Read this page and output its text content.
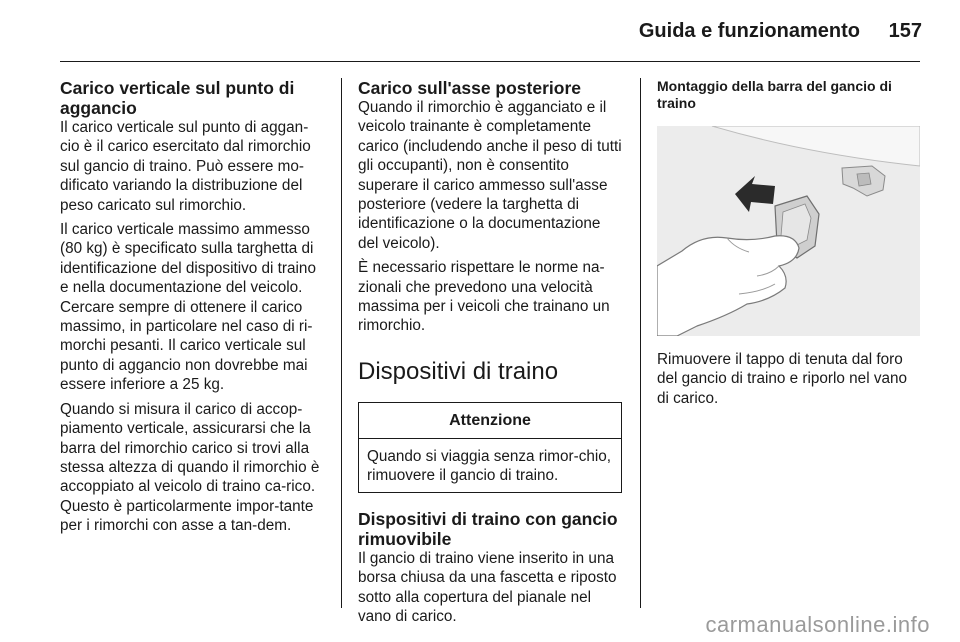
Guida e funzionamento 157
Carico verticale sul punto di aggancio

Il carico verticale sul punto di aggan-cio è il carico esercitato dal rimorchio sul gancio di traino. Può essere mo-dificato variando la distribuzione del peso caricato sul rimorchio.

Il carico verticale massimo ammesso (80 kg) è specificato sulla targhetta di identificazione del dispositivo di traino e nella documentazione del veicolo. Cercare sempre di ottenere il carico massimo, in particolare nel caso di ri-morchi pesanti. Il carico verticale sul punto di aggancio non dovrebbe mai essere inferiore a 25 kg.

Quando si misura il carico di accop-piamento verticale, assicurarsi che la barra del rimorchio carico si trovi alla stessa altezza di quando il rimorchio è accoppiato al veicolo di traino ca-rico. Questo è particolarmente impor-tante per i rimorchi con asse a tan-dem.

Carico sull'asse posteriore

Quando il rimorchio è agganciato e il veicolo trainante è completamente carico (includendo anche il peso di tutti gli occupanti), non è consentito superare il carico ammesso sull'asse posteriore (vedere la targhetta di identificazione o la documentazione del veicolo).

È necessario rispettare le norme na-zionali che prevedono una velocità massima per i veicoli che trainano un rimorchio.

Dispositivi di traino
Attenzione

Quando si viaggia senza rimor-chio, rimuovere il gancio di traino.

Dispositivi di traino con gancio rimuovibile

Il gancio di traino viene inserito in una borsa chiusa da una fascetta e riposto sotto alla copertura del pianale nel vano di carico.

Montaggio della barra del gancio di traino

Rimuovere il tappo di tenuta dal foro del gancio di traino e riporlo nel vano di carico.

carmanualsonline.info
